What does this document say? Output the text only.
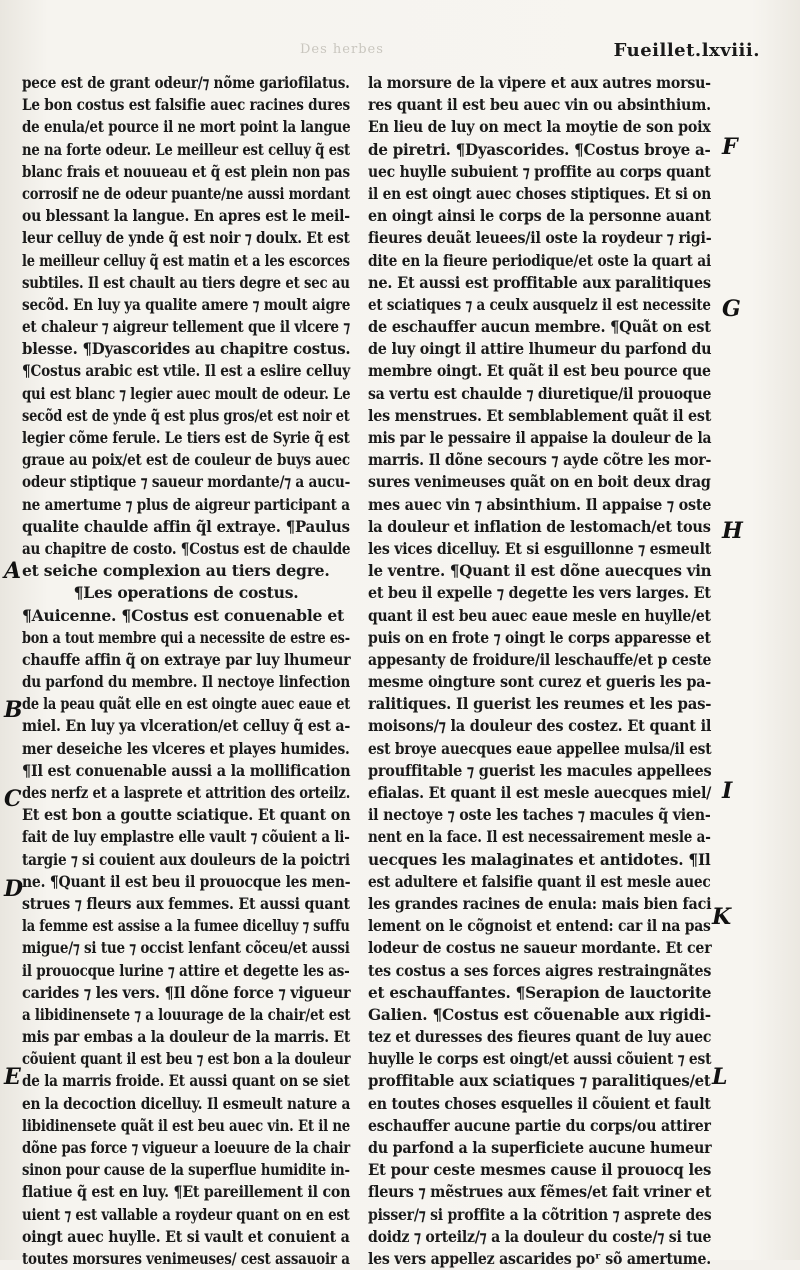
Des herbes	Fueillet.lxviii.
pece est de grant odeur/⁊ nõme gariofilatus.
Le bon costus est falsifie auec racines dures
de enula/et pource il ne mort point la langue
ne na forte odeur. Le meilleur est celluy q̃ est
blanc frais et nouueau et q̃ est plein non pas
corrosif ne de odeur puante/ne aussi mordant
ou blessant la langue. En apres est le meil-
leur celluy de ynde q̃ est noir ⁊ doulx. Et est
le meilleur celluy q̃ est matin et a les escorces
subtiles. Il est chault au tiers degre et sec au
secõd. En luy ya qualite amere ⁊ moult aigre
et chaleur ⁊ aigreur tellement que il vlcere ⁊
blesse. ¶Dyascorides au chapitre costus.
¶Costus arabic est vtile. Il est a eslire celluy
qui est blanc ⁊ legier auec moult de odeur. Le
secõd est de ynde q̃ est plus gros/et est noir et
legier cõme ferule. Le tiers est de Syrie q̃ est
graue au poix/et est de couleur de buys auec
odeur stiptique ⁊ saueur mordante/⁊ a aucu-
ne amertume ⁊ plus de aigreur participant a
qualite chaulde affin q̃l extraye. ¶Paulus
au chapitre de costo. ¶Costus est de chaulde
et seiche complexion au tiers degre.
¶Les operations de costus.
¶Auicenne. ¶Costus est conuenable et
bon a tout membre qui a necessite de estre es-
chauffe affin q̃ on extraye par luy lhumeur
du parfond du membre. Il nectoye linfection
de la peau quãt elle en est oingte auec eaue et
miel. En luy ya vlceration/et celluy q̃ est a-
mer deseiche les vlceres et playes humides.
¶Il est conuenable aussi a la mollification
des nerfz et a lasprete et attrition des orteilz.
Et est bon a goutte sciatique. Et quant on
fait de luy emplastre elle vault ⁊ cõuient a li-
targie ⁊ si couient aux douleurs de la poictri
ne. ¶Quant il est beu il prouocque les men-
strues ⁊ fleurs aux femmes. Et aussi quant
la femme est assise a la fumee dicelluy ⁊ suffu
migue/⁊ si tue ⁊ occist lenfant cõceu/et aussi
il prouocque lurine ⁊ attire et degette les as-
carides ⁊ les vers. ¶Il dõne force ⁊ vigueur
a libidinensete ⁊ a louurage de la chair/et est
mis par embas a la douleur de la marris. Et
cõuient quant il est beu ⁊ est bon a la douleur
de la marris froide. Et aussi quant on se siet
en la decoction dicelluy. Il esmeult nature a
libidinensete quãt il est beu auec vin. Et il ne
dõne pas force ⁊ vigueur a loeuure de la chair
sinon pour cause de la superflue humidite in-
flatiue q̃ est en luy. ¶Et pareillement il con
uient ⁊ est vallable a roydeur quant on en est
oingt auec huylle. Et si vault et conuient a
toutes morsures venimeuses/ cest assauoir a
la morsure de la vipere et aux autres morsu-
res quant il est beu auec vin ou absinthium.
En lieu de luy on mect la moytie de son poix
de piretri. ¶Dyascorides. ¶Costus broye a-
uec huylle subuient ⁊ proffite au corps quant
il en est oingt auec choses stiptiques. Et si on
en oingt ainsi le corps de la personne auant
fieures deuãt leuees/il oste la roydeur ⁊ rigi-
dite en la fieure periodique/et oste la quart ai
ne. Et aussi est proffitable aux paralitiques
et sciatiques ⁊ a ceulx ausquelz il est necessite
de eschauffer aucun membre. ¶Quãt on est
de luy oingt il attire lhumeur du parfond du
membre oingt. Et quãt il est beu pource que
sa vertu est chaulde ⁊ diuretique/il prouoque
les menstrues. Et semblablement quãt il est
mis par le pessaire il appaise la douleur de la
marris. Il dõne secours ⁊ ayde cõtre les mor-
sures venimeuses quãt on en boit deux drag
mes auec vin ⁊ absinthium. Il appaise ⁊ oste
la douleur et inflation de lestomach/et tous
les vices dicelluy. Et si esguillonne ⁊ esmeult
le ventre. ¶Quant il est dõne auecques vin
et beu il expelle ⁊ degette les vers larges. Et
quant il est beu auec eaue mesle en huylle/et
puis on en frote ⁊ oingt le corps apparesse et
appesanty de froidure/il leschauffe/et p ceste
mesme oingture sont curez et gueris les pa-
ralitiques. Il guerist les reumes et les pas-
moisons/⁊ la douleur des costez. Et quant il
est broye auecques eaue appellee mulsa/il est
prouffitable ⁊ guerist les macules appellees
efialas. Et quant il est mesle auecques miel/
il nectoye ⁊ oste les taches ⁊ macules q̃ vien-
nent en la face. Il est necessairement mesle a-
uecques les malaginates et antidotes. ¶Il
est adultere et falsifie quant il est mesle auec
les grandes racines de enula: mais bien faci
lement on le cõgnoist et entend: car il na pas
lodeur de costus ne saueur mordante. Et cer
tes costus a ses forces aigres restraingnãtes
et eschauffantes. ¶Serapion de lauctorite
Galien. ¶Costus est cõuenable aux rigidi-
tez et duresses des fieures quant de luy auec
huylle le corps est oingt/et aussi cõuient ⁊ est
proffitable aux sciatiques ⁊ paralitiques/et
en toutes choses esquelles il cõuient et fault
eschauffer aucune partie du corps/ou attirer
du parfond a la superficiete aucune humeur
Et pour ceste mesmes cause il prouocq les
fleurs ⁊ mẽstrues aux fẽmes/et fait vriner et
pisser/⁊ si proffite a la cõtrition ⁊ asprete des
doidz ⁊ orteilz/⁊ a la douleur du coste/⁊ si tue
les vers appellez ascarides poʳ sõ amertume.
A
B
C
D
E
F
G
H
I
K
L
